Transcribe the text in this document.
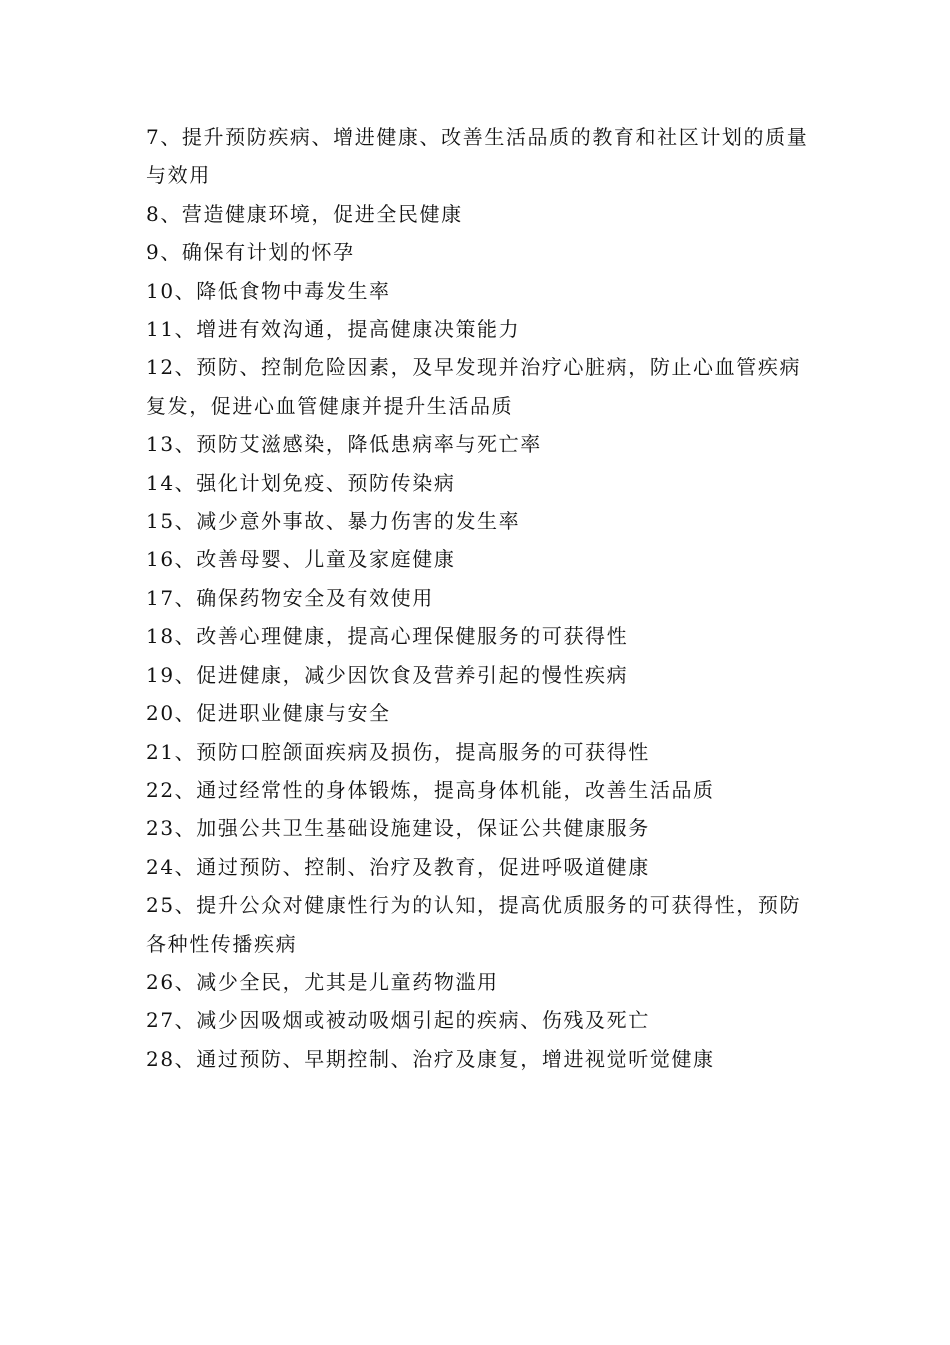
7、提升预防疾病、增进健康、改善生活品质的教育和社区计划的质量与效用

8、营造健康环境，促进全民健康

9、确保有计划的怀孕

10、降低食物中毒发生率

11、增进有效沟通，提高健康决策能力

12、预防、控制危险因素，及早发现并治疗心脏病，防止心血管疾病复发，促进心血管健康并提升生活品质

13、预防艾滋感染，降低患病率与死亡率

14、强化计划免疫、预防传染病

15、减少意外事故、暴力伤害的发生率

16、改善母婴、儿童及家庭健康

17、确保药物安全及有效使用

18、改善心理健康，提高心理保健服务的可获得性

19、促进健康，减少因饮食及营养引起的慢性疾病

20、促进职业健康与安全

21、预防口腔颌面疾病及损伤，提高服务的可获得性

22、通过经常性的身体锻炼，提高身体机能，改善生活品质

23、加强公共卫生基础设施建设，保证公共健康服务

24、通过预防、控制、治疗及教育，促进呼吸道健康

25、提升公众对健康性行为的认知，提高优质服务的可获得性，预防各种性传播疾病

26、减少全民，尤其是儿童药物滥用

27、减少因吸烟或被动吸烟引起的疾病、伤残及死亡

28、通过预防、早期控制、治疗及康复，增进视觉听觉健康
